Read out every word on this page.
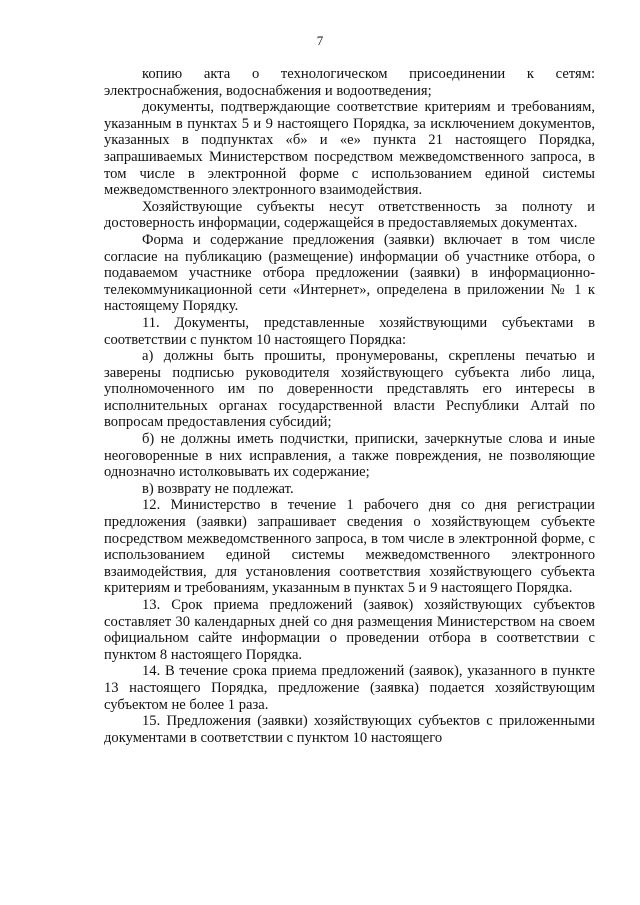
7

копию акта о технологическом присоединении к сетям: электроснабжения, водоснабжения и водоотведения;

документы, подтверждающие соответствие критериям и требованиям, указанным в пунктах 5 и 9 настоящего Порядка, за исключением документов, указанных в подпунктах «б» и «е» пункта 21 настоящего Порядка, запрашиваемых Министерством посредством межведомственного запроса, в том числе в электронной форме с использованием единой системы межведомственного электронного взаимодействия.

Хозяйствующие субъекты несут ответственность за полноту и достоверность информации, содержащейся в предоставляемых документах.

Форма и содержание предложения (заявки) включает в том числе согласие на публикацию (размещение) информации об участнике отбора, о подаваемом участнике отбора предложении (заявки) в информационно-телекоммуникационной сети «Интернет», определена в приложении № 1 к настоящему Порядку.

11. Документы, представленные хозяйствующими субъектами в соответствии с пунктом 10 настоящего Порядка:

а) должны быть прошиты, пронумерованы, скреплены печатью и заверены подписью руководителя хозяйствующего субъекта либо лица, уполномоченного им по доверенности представлять его интересы в исполнительных органах государственной власти Республики Алтай по вопросам предоставления субсидий;

б) не должны иметь подчистки, приписки, зачеркнутые слова и иные неоговоренные в них исправления, а также повреждения, не позволяющие однозначно истолковывать их содержание;

в) возврату не подлежат.

12. Министерство в течение 1 рабочего дня со дня регистрации предложения (заявки) запрашивает сведения о хозяйствующем субъекте посредством межведомственного запроса, в том числе в электронной форме, с использованием единой системы межведомственного электронного взаимодействия, для установления соответствия хозяйствующего субъекта критериям и требованиям, указанным в пунктах 5 и 9 настоящего Порядка.

13. Срок приема предложений (заявок) хозяйствующих субъектов составляет 30 календарных дней со дня размещения Министерством на своем официальном сайте информации о проведении отбора в соответствии с пунктом 8 настоящего Порядка.

14. В течение срока приема предложений (заявок), указанного в пункте 13 настоящего Порядка, предложение (заявка) подается хозяйствующим субъектом не более 1 раза.

15. Предложения (заявки) хозяйствующих субъектов с приложенными документами в соответствии с пунктом 10 настоящего
